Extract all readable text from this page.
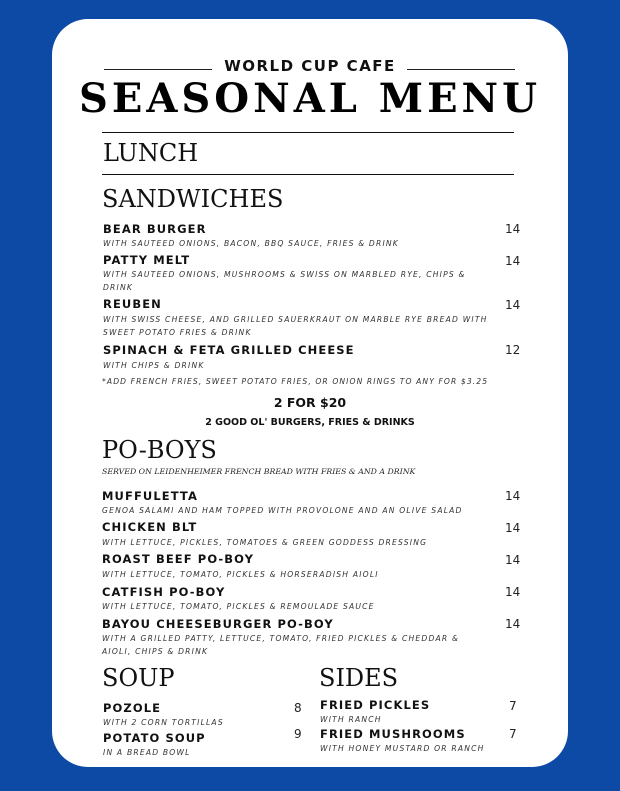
WORLD CUP CAFE
SEASONAL MENU
LUNCH
SANDWICHES
BEAR BURGER	14
WITH SAUTEED ONIONS, BACON, BBQ SAUCE, FRIES & DRINK
PATTY MELT	14
WITH SAUTEED ONIONS, MUSHROOMS & SWISS ON MARBLED RYE, CHIPS & DRINK
REUBEN	14
WITH SWISS CHEESE, AND GRILLED SAUERKRAUT ON MARBLE RYE BREAD WITH SWEET POTATO FRIES & DRINK
SPINACH & FETA GRILLED CHEESE	12
WITH CHIPS & DRINK
*ADD FRENCH FRIES, SWEET POTATO FRIES, OR ONION RINGS TO ANY FOR $3.25
2 FOR $20
2 GOOD OL' BURGERS, FRIES & DRINKS
PO-BOYS
SERVED ON LEIDENHEIMER FRENCH BREAD WITH FRIES & AND A DRINK
MUFFULETTA	14
GENOA SALAMI AND HAM TOPPED WITH PROVOLONE AND AN OLIVE SALAD
CHICKEN BLT	14
WITH LETTUCE, PICKLES, TOMATOES & GREEN GODDESS DRESSING
ROAST BEEF PO-BOY	14
WITH LETTUCE, TOMATO, PICKLES & HORSERADISH AIOLI
CATFISH PO-BOY	14
WITH LETTUCE, TOMATO, PICKLES & REMOULADE SAUCE
BAYOU CHEESEBURGER PO-BOY	14
WITH A GRILLED PATTY, LETTUCE, TOMATO, FRIED PICKLES & CHEDDAR & AIOLI, CHIPS & DRINK
SOUP
POZOLE	8
WITH 2 CORN TORTILLAS
POTATO SOUP	9
IN A BREAD BOWL
SIDES
FRIED PICKLES	7
WITH RANCH
FRIED MUSHROOMS	7
WITH HONEY MUSTARD OR RANCH
